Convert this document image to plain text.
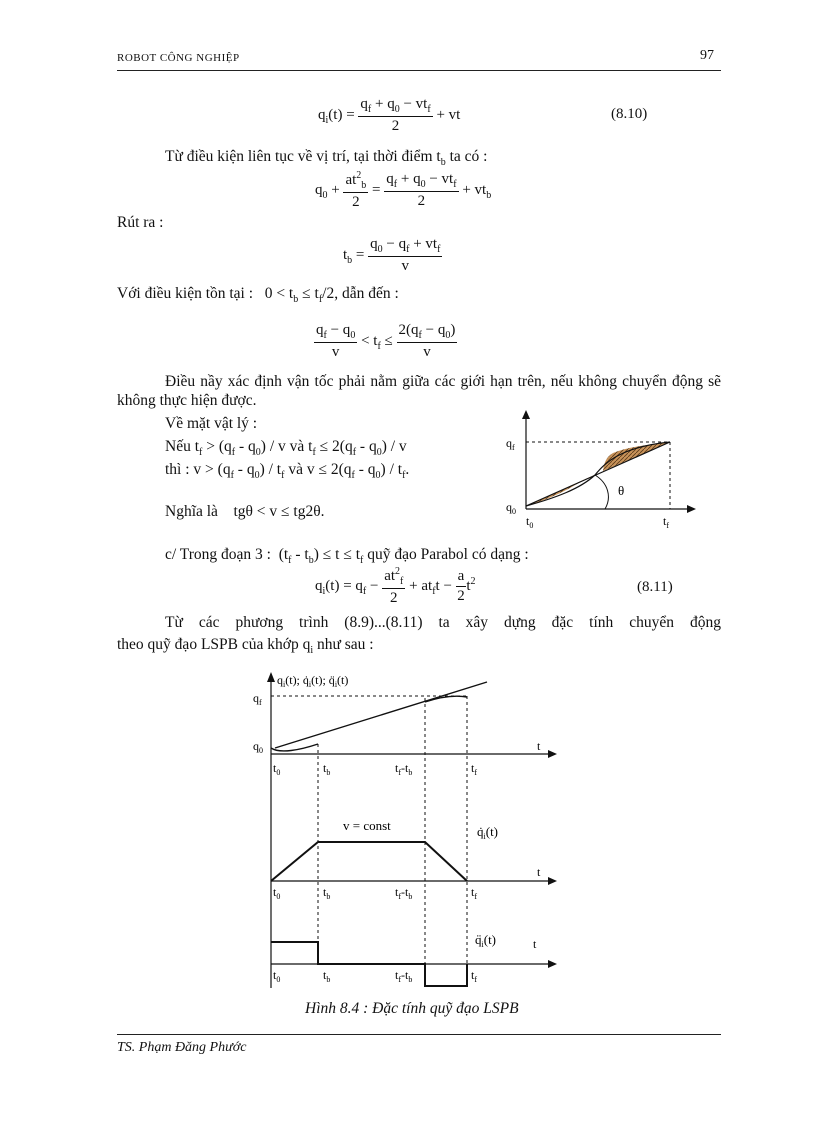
ROBOT CÔNG NGHIỆP	97
$q_i(t) = \frac{q_f + q_0 - vt_f}{2}$ + vt	(8.10)
Từ điều kiện liên tục về vị trí, tại thời điểm $t_b$ ta có :
$q_0 + \frac{at^2_b}{2} = \frac{q_f + q_0 - vt_f}{2} + vt_b$
Rút ra :
$t_b = \frac{q_0 - q_f + vt_f}{v}$
Với điều kiện tồn tại : $0 < t_b \le t_f/2$, dẫn đến :
$\frac{q_f - q_0}{v} < t_f \le \frac{2(q_f - q_0)}{v}$
Điều nầy xác định vận tốc phải nằm giữa các giới hạn trên, nếu không chuyển động sẽ không thực hiện được.
Về mặt vật lý :
Nếu $t_f > (q_f - q_0) / v$ và $t_f \le 2(q_f - q_0) / v$
thì : $v > (q_f - q_0) / t_f$ và $v \le 2(q_f - q_0) / t_f$.
Nghĩa là tgθ < v ≤ tg2θ.
θ
$q_f$
$q_0$
$t_0$	$t_f$
c/ Trong đoạn 3 : $(t_f - t_b) \le t \le t_f$ quỹ đạo Parabol có dạng :
$q_i(t) = q_f - \frac{at^2_f}{2} + at_ft - \frac{a}{2} t^2$	(8.11)
Từ các phương trình (8.9)...(8.11) ta xây dựng đặc tính chuyển động
theo quỹ đạo LSPB của khớp $q_i$ như sau :
$q_i(t)$; $q̇_i(t)$; $q̈_i(t)$
t
$q_f$
$q_0$
$t_0$	$t_b$	$t_f-t_b$	$t_f$
t
v = const	$q̇_i(t)$
$t_0$	$t_b$	$t_f-t_b$	$t_f$
t
$q̈_i(t)$
$t_0$	$t_b$	$t_f-t_b$	$t_f$
Hình 8.4 : Đặc tính quỹ đạo LSPB
TS. Phạm Đăng Phước
